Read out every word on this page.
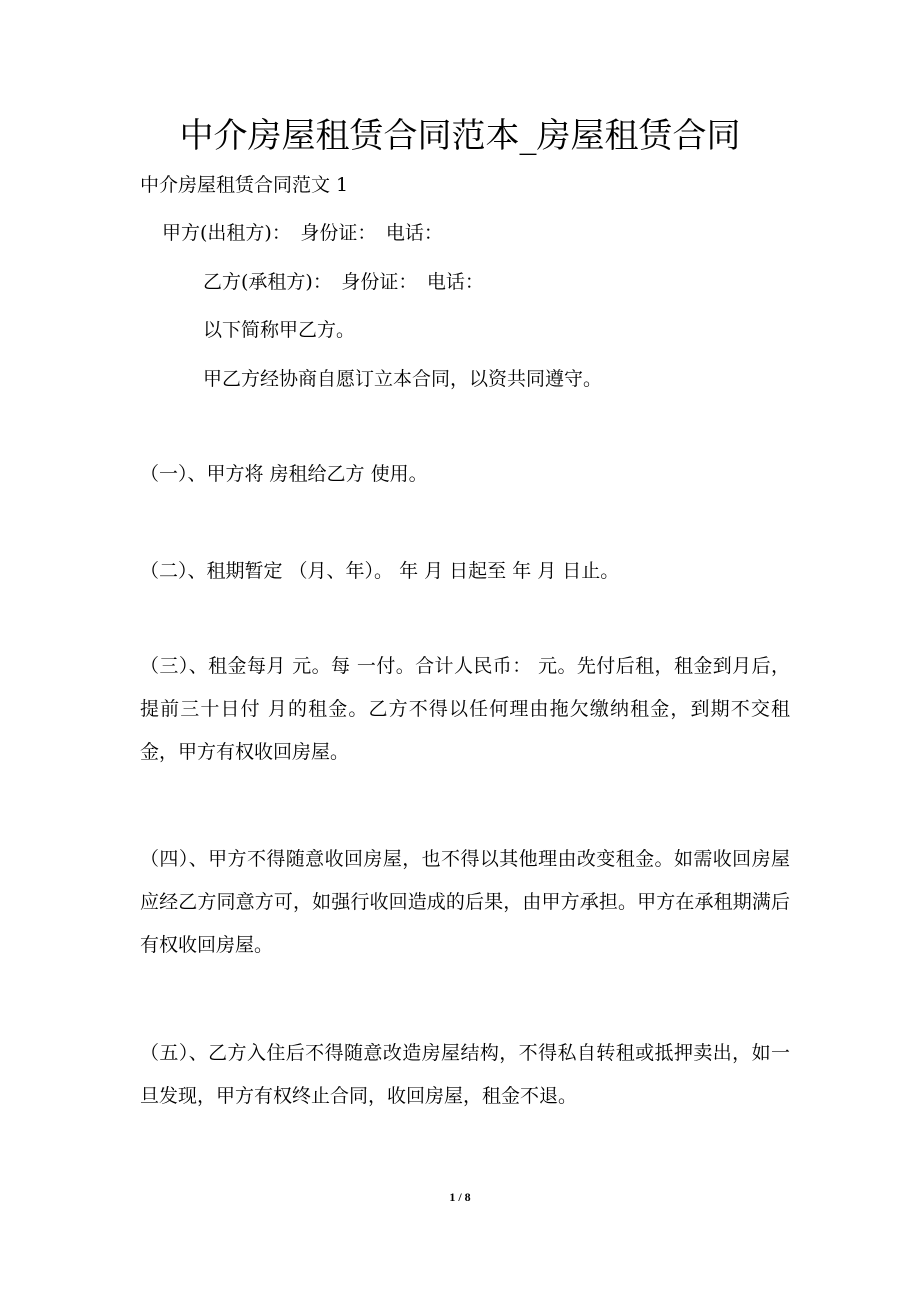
中介房屋租赁合同范本_房屋租赁合同
中介房屋租赁合同范文 1
甲方(出租方)：　身份证：　电话：
乙方(承租方)：　身份证：　电话：
以下简称甲乙方。
甲乙方经协商自愿订立本合同，以资共同遵守。
（一）、甲方将 房租给乙方 使用。
（二）、租期暂定 （月、年）。 年 月 日起至 年 月 日止。
（三）、租金每月 元。每 一付。合计人民币： 元。先付后租，租金到月后，提前三十日付 月的租金。乙方不得以任何理由拖欠缴纳租金，到期不交租金，甲方有权收回房屋。
（四）、甲方不得随意收回房屋，也不得以其他理由改变租金。如需收回房屋应经乙方同意方可，如强行收回造成的后果，由甲方承担。甲方在承租期满后有权收回房屋。
（五）、乙方入住后不得随意改造房屋结构，不得私自转租或抵押卖出，如一旦发现，甲方有权终止合同，收回房屋，租金不退。
1 / 8
